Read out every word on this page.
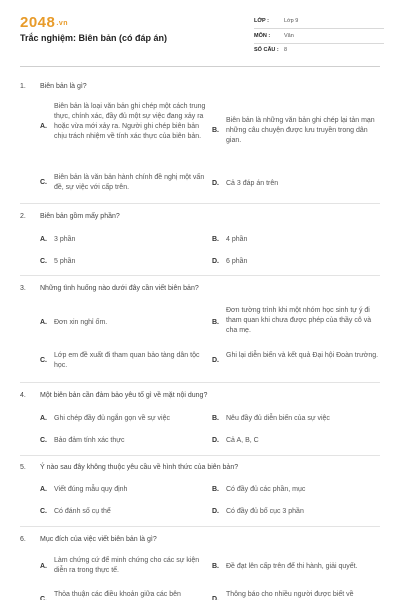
2048.vn
Trắc nghiệm: Biên bản (có đáp án)
LỚP :	Lớp 9
MÔN :	Văn
SỐ CÂU : 8
1. Biên bản là gì?
A.
Biên bản là loại văn bản ghi chép một cách trung thực, chính xác, đầy đủ một sự việc đang xảy ra hoặc vừa mới xảy ra. Người ghi chép biên bản chịu trách nhiệm về tính xác thực của biên bản.
B.
Biên bản là những văn bản ghi chép lại tản mạn những câu chuyện được lưu truyền trong dân gian.
C.
Biên bản là văn bản hành chính đề nghị một vấn đề, sự việc với cấp trên.
D. Cả 3 đáp án trên
2. Biên bản gồm mấy phần?
A. 3 phần	B. 4 phần
C. 5 phần	D. 6 phần
3. Những tình huống nào dưới đây cần viết biên bản?
A. Đơn xin nghỉ ốm.	B.
Đơn tường trình khi một nhóm học sinh tự ý đi tham quan khi chưa được phép của thầy cô và cha mẹ.
C.
Lớp em đề xuất đi tham quan bảo tàng dân tộc học.
D.
Ghi lại diễn biến và kết quả Đại hội Đoàn trường.
4. Một biên bản cần đảm bảo yêu tố gì về mặt nội dung?
A. Ghi chép đầy đủ ngắn gọn về sự việc	B. Nêu đầy đủ diễn biến của sự việc
C. Bảo đảm tính xác thực	D. Cả A, B, C
5. Ý nào sau đây không thuộc yêu cầu về hình thức của biên bản?
A. Viết đúng mẫu quy định	B. Có đầy đủ các phần, mục
C. Có đánh số cụ thể	D. Có đầy đủ bố cục 3 phần
6. Mục đích của việc viết biên bản là gì?
A.
Làm chứng cứ để minh chứng cho các sự kiện diễn ra trong thực tế.
B. Đề đạt lên cấp trên để thi hành, giải quyết.
C.
Thỏa thuận các điều khoản giữa các bên
D.
Thông báo cho nhiều người được biết về
